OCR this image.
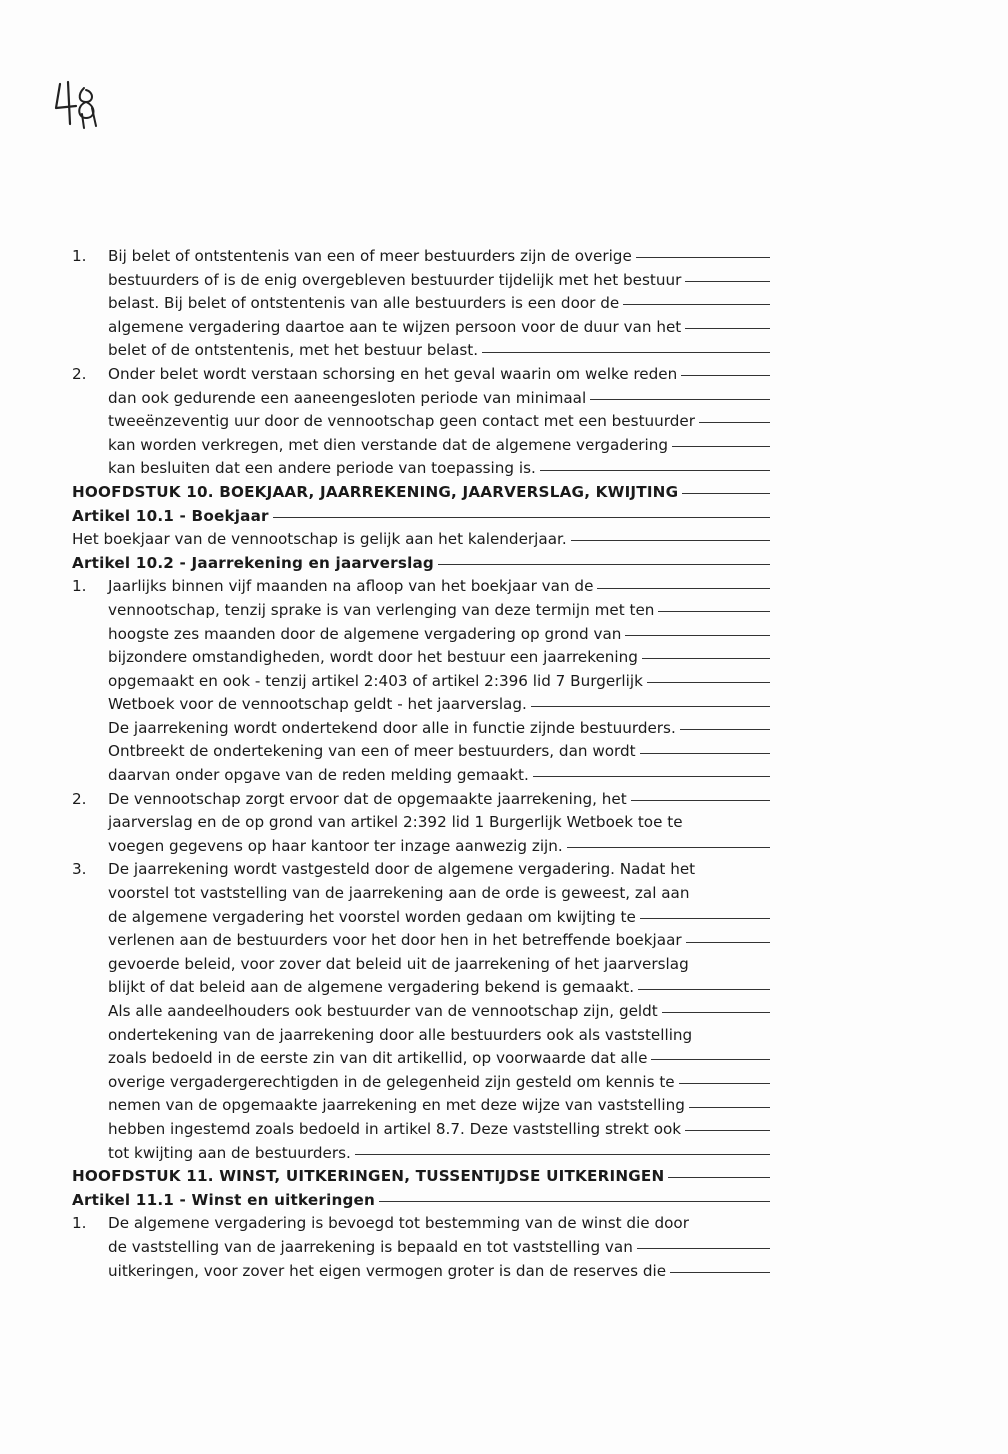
1.	Bij belet of ontstentenis van een of meer bestuurders zijn de overige
bestuurders of is de enig overgebleven bestuurder tijdelijk met het bestuur
belast. Bij belet of ontstentenis van alle bestuurders is een door de
algemene vergadering daartoe aan te wijzen persoon voor de duur van het
belet of de ontstentenis, met het bestuur belast.
2.	Onder belet wordt verstaan schorsing en het geval waarin om welke reden
dan ook gedurende een aaneengesloten periode van minimaal
tweeënzeventig uur door de vennootschap geen contact met een bestuurder
kan worden verkregen, met dien verstande dat de algemene vergadering
kan besluiten dat een andere periode van toepassing is.
HOOFDSTUK 10. BOEKJAAR, JAARREKENING, JAARVERSLAG, KWIJTING
Artikel 10.1 - Boekjaar
Het boekjaar van de vennootschap is gelijk aan het kalenderjaar.
Artikel 10.2 - Jaarrekening en jaarverslag
1.	Jaarlijks binnen vijf maanden na afloop van het boekjaar van de
vennootschap, tenzij sprake is van verlenging van deze termijn met ten
hoogste zes maanden door de algemene vergadering op grond van
bijzondere omstandigheden, wordt door het bestuur een jaarrekening
opgemaakt en ook - tenzij artikel 2:403 of artikel 2:396 lid 7 Burgerlijk
Wetboek voor de vennootschap geldt - het jaarverslag.
De jaarrekening wordt ondertekend door alle in functie zijnde bestuurders.
Ontbreekt de ondertekening van een of meer bestuurders, dan wordt
daarvan onder opgave van de reden melding gemaakt.
2.	De vennootschap zorgt ervoor dat de opgemaakte jaarrekening, het
jaarverslag en de op grond van artikel 2:392 lid 1 Burgerlijk Wetboek toe te
voegen gegevens op haar kantoor ter inzage aanwezig zijn.
3.	De jaarrekening wordt vastgesteld door de algemene vergadering. Nadat het
voorstel tot vaststelling van de jaarrekening aan de orde is geweest, zal aan
de algemene vergadering het voorstel worden gedaan om kwijting te
verlenen aan de bestuurders voor het door hen in het betreffende boekjaar
gevoerde beleid, voor zover dat beleid uit de jaarrekening of het jaarverslag
blijkt of dat beleid aan de algemene vergadering bekend is gemaakt.
Als alle aandeelhouders ook bestuurder van de vennootschap zijn, geldt
ondertekening van de jaarrekening door alle bestuurders ook als vaststelling
zoals bedoeld in de eerste zin van dit artikellid, op voorwaarde dat alle
overige vergadergerechtigden in de gelegenheid zijn gesteld om kennis te
nemen van de opgemaakte jaarrekening en met deze wijze van vaststelling
hebben ingestemd zoals bedoeld in artikel 8.7. Deze vaststelling strekt ook
tot kwijting aan de bestuurders.
HOOFDSTUK 11. WINST, UITKERINGEN, TUSSENTIJDSE UITKERINGEN
Artikel 11.1 - Winst en uitkeringen
1.	De algemene vergadering is bevoegd tot bestemming van de winst die door
de vaststelling van de jaarrekening is bepaald en tot vaststelling van
uitkeringen, voor zover het eigen vermogen groter is dan de reserves die
